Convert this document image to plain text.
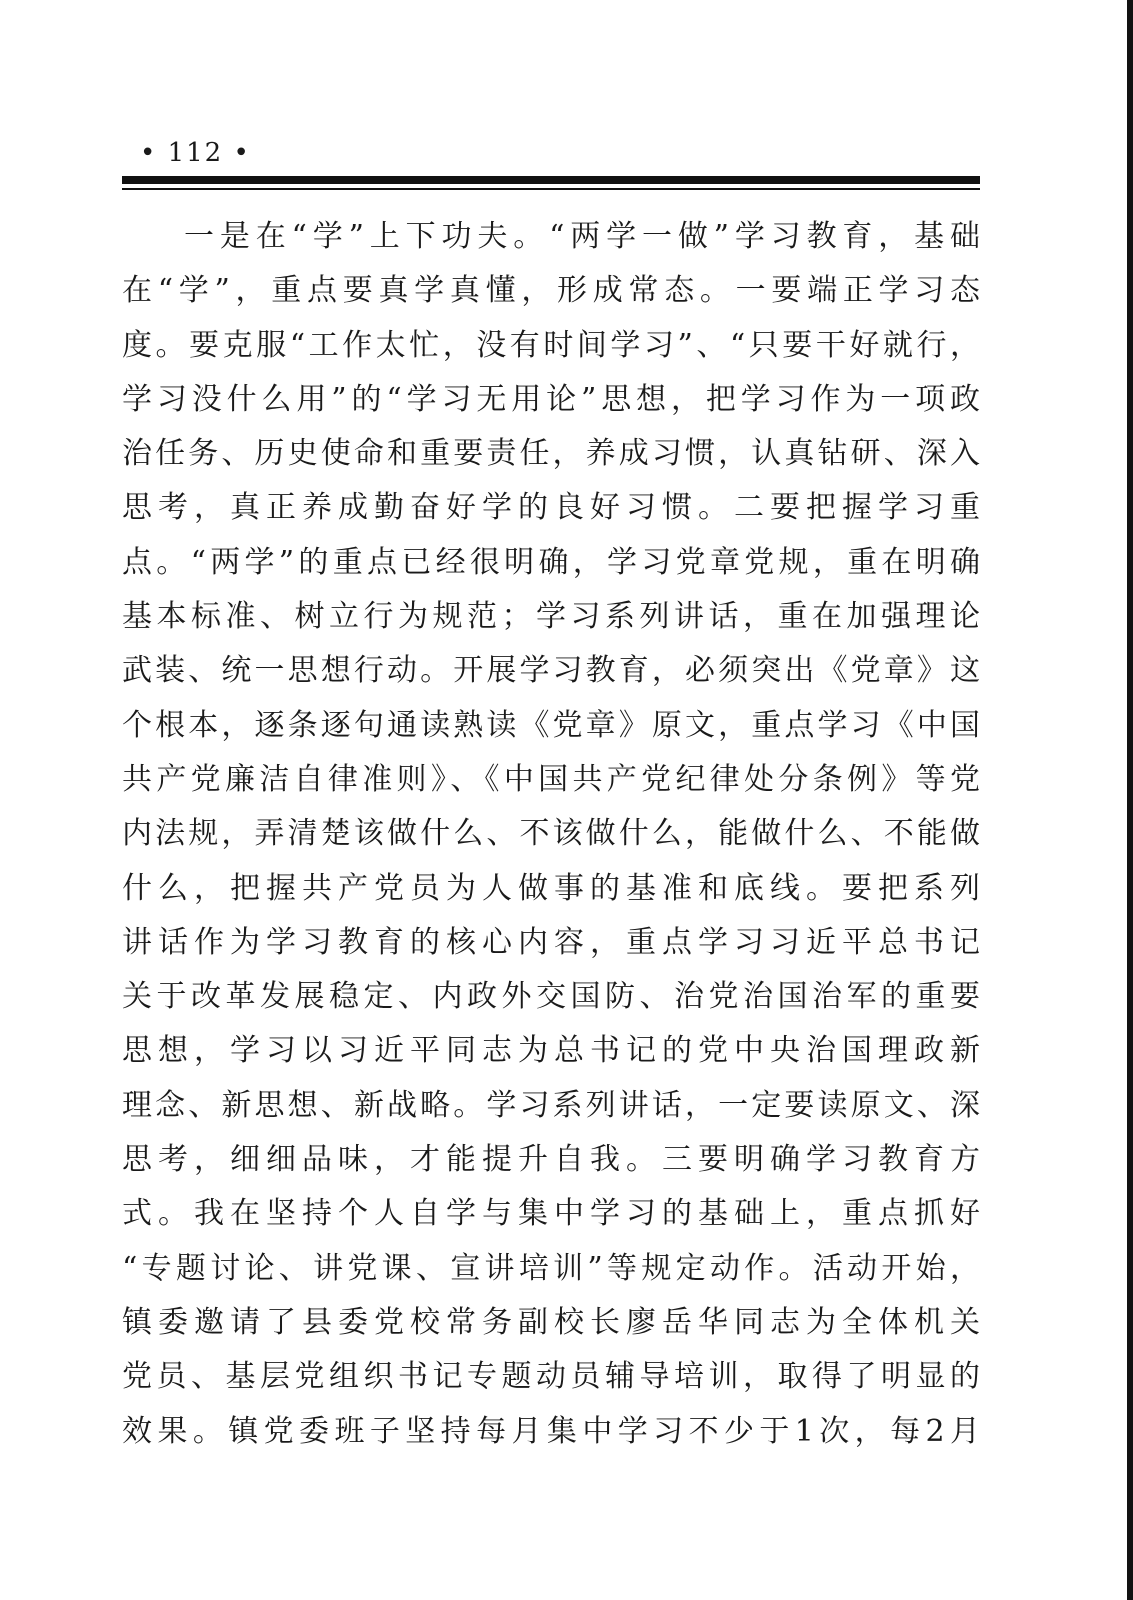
• 112 •
一是在“学”上下功夫。“两学一做”学习教育，基础
在“学”，重点要真学真懂，形成常态。一要端正学习态
度。要克服“工作太忙，没有时间学习”、“只要干好就行，
学习没什么用”的“学习无用论”思想，把学习作为一项政
治任务、历史使命和重要责任，养成习惯，认真钻研、深入
思考，真正养成勤奋好学的良好习惯。二要把握学习重
点。“两学”的重点已经很明确，学习党章党规，重在明确
基本标准、树立行为规范；学习系列讲话，重在加强理论
武装、统一思想行动。开展学习教育，必须突出《党章》这
个根本，逐条逐句通读熟读《党章》原文，重点学习《中国
共产党廉洁自律准则》、《中国共产党纪律处分条例》等党
内法规，弄清楚该做什么、不该做什么，能做什么、不能做
什么，把握共产党员为人做事的基准和底线。要把系列
讲话作为学习教育的核心内容，重点学习习近平总书记
关于改革发展稳定、内政外交国防、治党治国治军的重要
思想，学习以习近平同志为总书记的党中央治国理政新
理念、新思想、新战略。学习系列讲话，一定要读原文、深
思考，细细品味，才能提升自我。三要明确学习教育方
式。我在坚持个人自学与集中学习的基础上，重点抓好
“专题讨论、讲党课、宣讲培训”等规定动作。活动开始，
镇委邀请了县委党校常务副校长廖岳华同志为全体机关
党员、基层党组织书记专题动员辅导培训，取得了明显的
效果。镇党委班子坚持每月集中学习不少于1次，每2月
